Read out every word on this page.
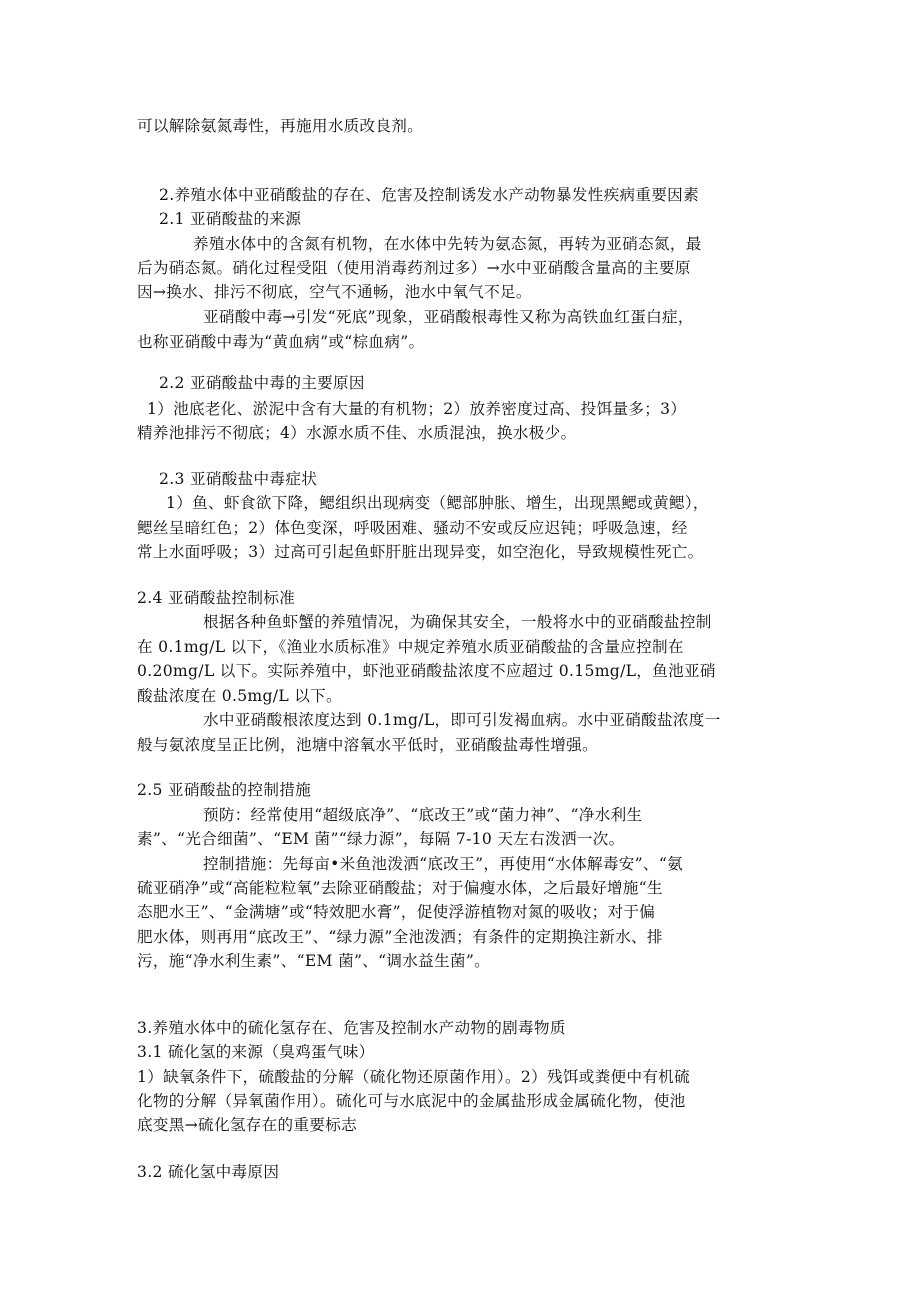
可以解除氨氮毒性，再施用水质改良剂。
2.养殖水体中亚硝酸盐的存在、危害及控制诱发水产动物暴发性疾病重要因素
2.1 亚硝酸盐的来源
养殖水体中的含氮有机物，在水体中先转为氨态氮，再转为亚硝态氮，最
后为硝态氮。硝化过程受阻（使用消毒药剂过多）→水中亚硝酸含量高的主要原
因→换水、排污不彻底，空气不通畅，池水中氧气不足。
亚硝酸中毒→引发“死底”现象，亚硝酸根毒性又称为高铁血红蛋白症，
也称亚硝酸中毒为“黄血病”或“棕血病”。
2.2 亚硝酸盐中毒的主要原因
1）池底老化、淤泥中含有大量的有机物；2）放养密度过高、投饵量多；3）
精养池排污不彻底；4）水源水质不佳、水质混浊，换水极少。
2.3 亚硝酸盐中毒症状
1）鱼、虾食欲下降，鳃组织出现病变（鳃部肿胀、增生，出现黑鳃或黄鳃），
鳃丝呈暗红色；2）体色变深，呼吸困难、骚动不安或反应迟钝；呼吸急速，经
常上水面呼吸；3）过高可引起鱼虾肝脏出现异变，如空泡化，导致规模性死亡。
2.4 亚硝酸盐控制标准
根据各种鱼虾蟹的养殖情况，为确保其安全，一般将水中的亚硝酸盐控制
在 0.1mg/L 以下，《渔业水质标准》中规定养殖水质亚硝酸盐的含量应控制在
0.20mg/L 以下。实际养殖中，虾池亚硝酸盐浓度不应超过 0.15mg/L，鱼池亚硝
酸盐浓度在 0.5mg/L 以下。
水中亚硝酸根浓度达到 0.1mg/L，即可引发褐血病。水中亚硝酸盐浓度一
般与氨浓度呈正比例，池塘中溶氧水平低时，亚硝酸盐毒性增强。
2.5 亚硝酸盐的控制措施
预防：经常使用“超级底净”、“底改王”或“菌力神”、“净水利生
素”、“光合细菌”、“EM 菌”“绿力源”，每隔 7-10 天左右泼洒一次。
控制措施：先每亩•米鱼池泼洒“底改王”，再使用“水体解毒安”、“氨
硫亚硝净”或“高能粒粒氧”去除亚硝酸盐；对于偏瘦水体，之后最好增施“生
态肥水王”、“金满塘”或“特效肥水膏”，促使浮游植物对氮的吸收；对于偏
肥水体，则再用“底改王”、“绿力源”全池泼洒；有条件的定期换注新水、排
污，施“净水利生素”、“EM 菌”、“调水益生菌”。
3.养殖水体中的硫化氢存在、危害及控制水产动物的剧毒物质
3.1 硫化氢的来源（臭鸡蛋气味）
1）缺氧条件下，硫酸盐的分解（硫化物还原菌作用）。2）残饵或粪便中有机硫
化物的分解（异氧菌作用）。硫化可与水底泥中的金属盐形成金属硫化物，使池
底变黑→硫化氢存在的重要标志
3.2 硫化氢中毒原因
